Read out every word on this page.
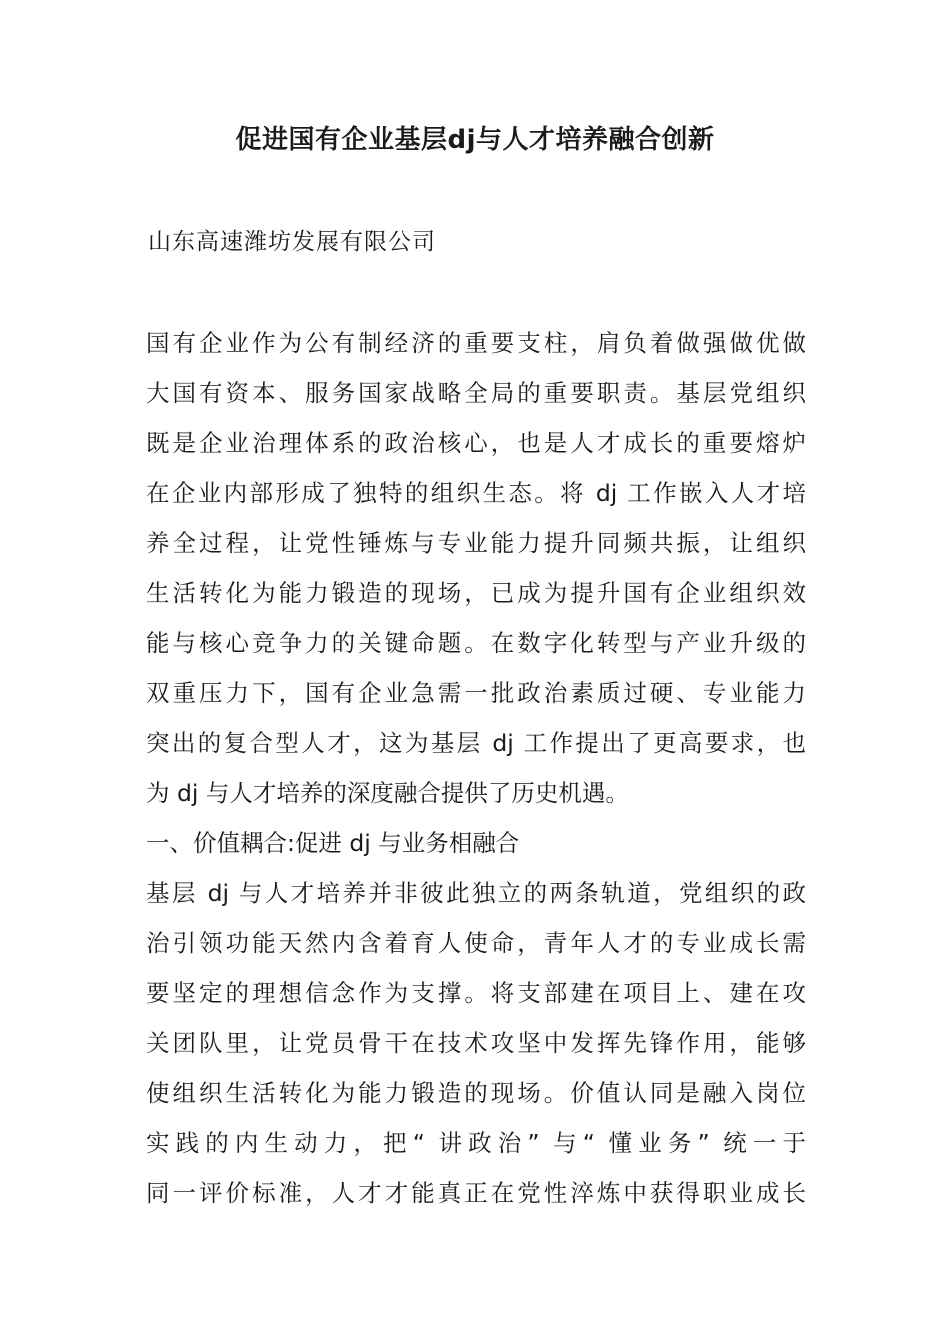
促进国有企业基层dj与人才培养融合创新
山东高速潍坊发展有限公司
国有企业作为公有制经济的重要支柱，肩负着做强做优做
大国有资本、服务国家战略全局的重要职责。基层党组织
既是企业治理体系的政治核心，也是人才成长的重要熔炉
在企业内部形成了独特的组织生态。将 dj 工作嵌入人才培
养全过程，让党性锤炼与专业能力提升同频共振，让组织
生活转化为能力锻造的现场，已成为提升国有企业组织效
能与核心竞争力的关键命题。在数字化转型与产业升级的
双重压力下，国有企业急需一批政治素质过硬、专业能力
突出的复合型人才，这为基层 dj 工作提出了更高要求，也
为 dj 与人才培养的深度融合提供了历史机遇。
一、价值耦合:促进 dj 与业务相融合
基层 dj 与人才培养并非彼此独立的两条轨道，党组织的政
治引领功能天然内含着育人使命，青年人才的专业成长需
要坚定的理想信念作为支撑。将支部建在项目上、建在攻
关团队里，让党员骨干在技术攻坚中发挥先锋作用，能够
使组织生活转化为能力锻造的现场。价值认同是融入岗位
实践的内生动力，把“ 讲政治” 与“ 懂业务” 统一于
同一评价标准，人才才能真正在党性淬炼中获得职业成长
